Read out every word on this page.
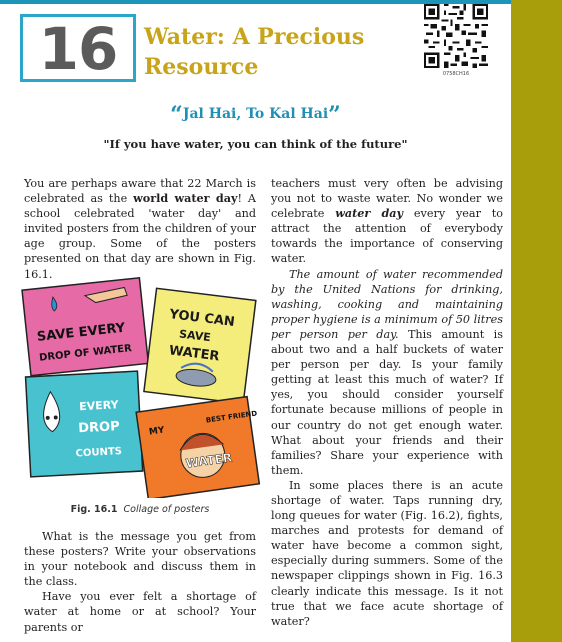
16	Water: A Precious
Resource	0758CH16
“Jal Hai, To Kal Hai”
"If you have water, you can think of the future"

You are perhaps aware that 22 March is celebrated as the world water day! A school celebrated 'water day' and invited posters from the children of your age group. Some of the posters presented on that day are shown in Fig. 16.1.

SAVE EVERY
DROP OF WATER
YOU CAN
SAVE
WATER
EVERY
DROP
COUNTS
MY
BEST FRIEND
WATER
Fig. 16.1 Collage of posters

What is the message you get from these posters? Write your observations in your notebook and discuss them in the class.

Have you ever felt a shortage of water at home or at school? Your parents or

teachers must very often be advising you not to waste water. No wonder we celebrate water day every year to attract the attention of everybody towards the importance of conserving water.

The amount of water recommended by the United Nations for drinking, washing, cooking and maintaining proper hygiene is a minimum of 50 litres per person per day. This amount is about two and a half buckets of water per person per day. Is your family getting at least this much of water? If yes, you should consider yourself fortunate because millions of people in our country do not get enough water. What about your friends and their families? Share your experience with them.

In some places there is an acute shortage of water. Taps running dry, long queues for water (Fig. 16.2), fights, marches and protests for demand of water have become a common sight, especially during summers. Some of the newspaper clippings shown in Fig. 16.3 clearly indicate this message. Is it not true that we face acute shortage of water?
